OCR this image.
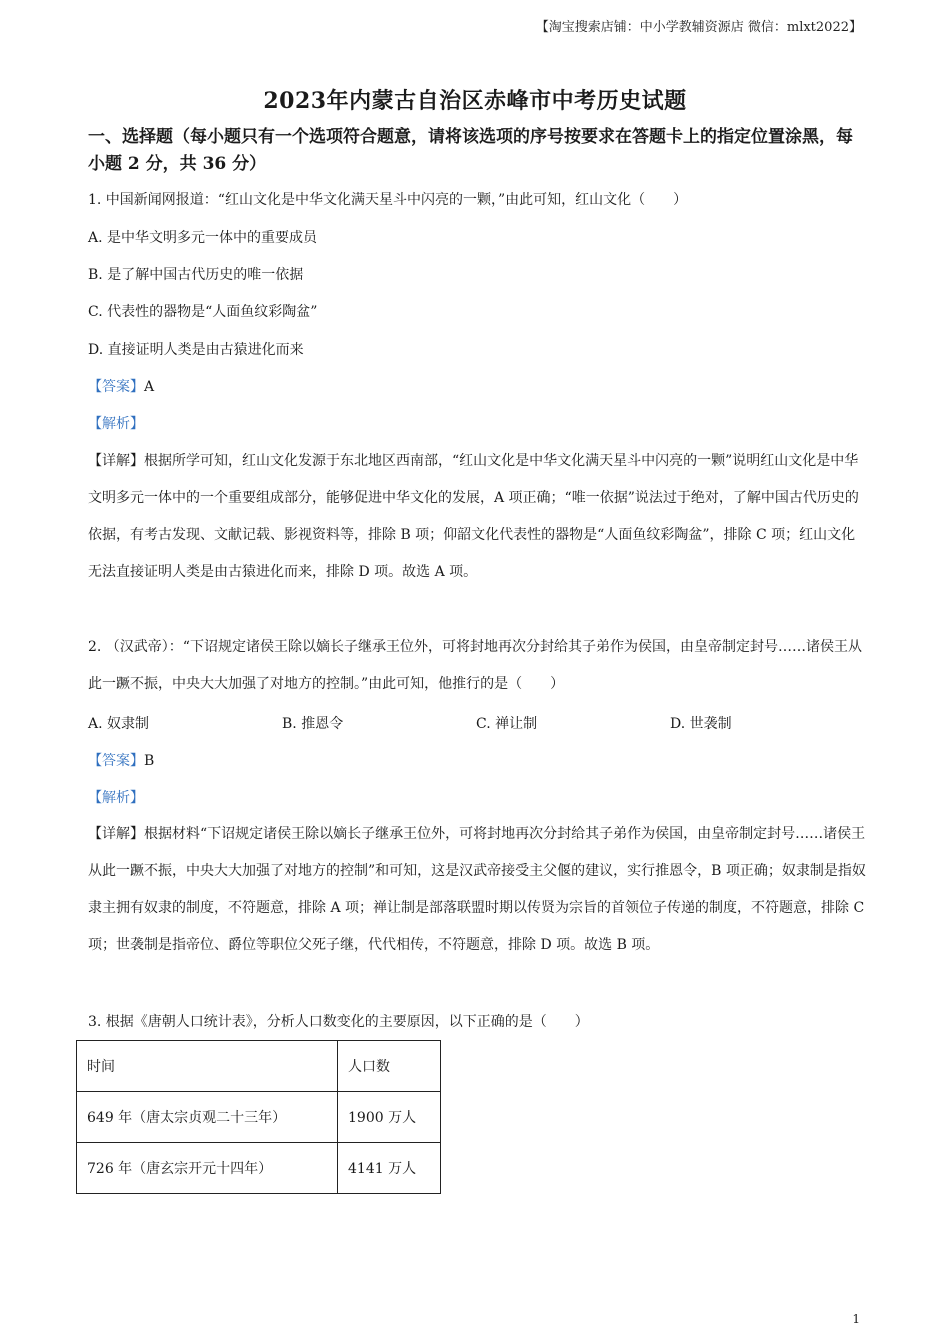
【淘宝搜索店铺：中小学教辅资源店 微信：mlxt2022】
2023年内蒙古自治区赤峰市中考历史试题
一、选择题（每小题只有一个选项符合题意，请将该选项的序号按要求在答题卡上的指定位置涂黑，每小题 2 分，共 36 分）
1. 中国新闻网报道：“红山文化是中华文化满天星斗中闪亮的一颗，”由此可知，红山文化（　　）
A. 是中华文明多元一体中的重要成员
B. 是了解中国古代历史的唯一依据
C. 代表性的器物是“人面鱼纹彩陶盆”
D. 直接证明人类是由古猿进化而来
【答案】A
【解析】
【详解】根据所学可知，红山文化发源于东北地区西南部，“红山文化是中华文化满天星斗中闪亮的一颗”说明红山文化是中华文明多元一体中的一个重要组成部分，能够促进中华文化的发展，A 项正确；“唯一依据”说法过于绝对，了解中国古代历史的依据，有考古发现、文献记载、影视资料等，排除 B 项；仰韶文化代表性的器物是“人面鱼纹彩陶盆”，排除 C 项；红山文化无法直接证明人类是由古猿进化而来，排除 D 项。故选 A 项。
2. （汉武帝）：“下诏规定诸侯王除以嫡长子继承王位外，可将封地再次分封给其子弟作为侯国，由皇帝制定封号……诸侯王从此一蹶不振，中央大大加强了对地方的控制。”由此可知，他推行的是（　　）
A. 奴隶制	B. 推恩令	C. 禅让制	D. 世袭制
【答案】B
【解析】
【详解】根据材料“下诏规定诸侯王除以嫡长子继承王位外，可将封地再次分封给其子弟作为侯国，由皇帝制定封号……诸侯王从此一蹶不振，中央大大加强了对地方的控制”和可知，这是汉武帝接受主父偃的建议，实行推恩令，B 项正确；奴隶制是指奴隶主拥有奴隶的制度，不符题意，排除 A 项；禅让制是部落联盟时期以传贤为宗旨的首领位子传递的制度，不符题意，排除 C 项；世袭制是指帝位、爵位等职位父死子继，代代相传，不符题意，排除 D 项。故选 B 项。
3. 根据《唐朝人口统计表》，分析人口数变化的主要原因，以下正确的是（　　）
时间	人口数
649 年（唐太宗贞观二十三年）	1900 万人
726 年（唐玄宗开元十四年）	4141 万人
1
